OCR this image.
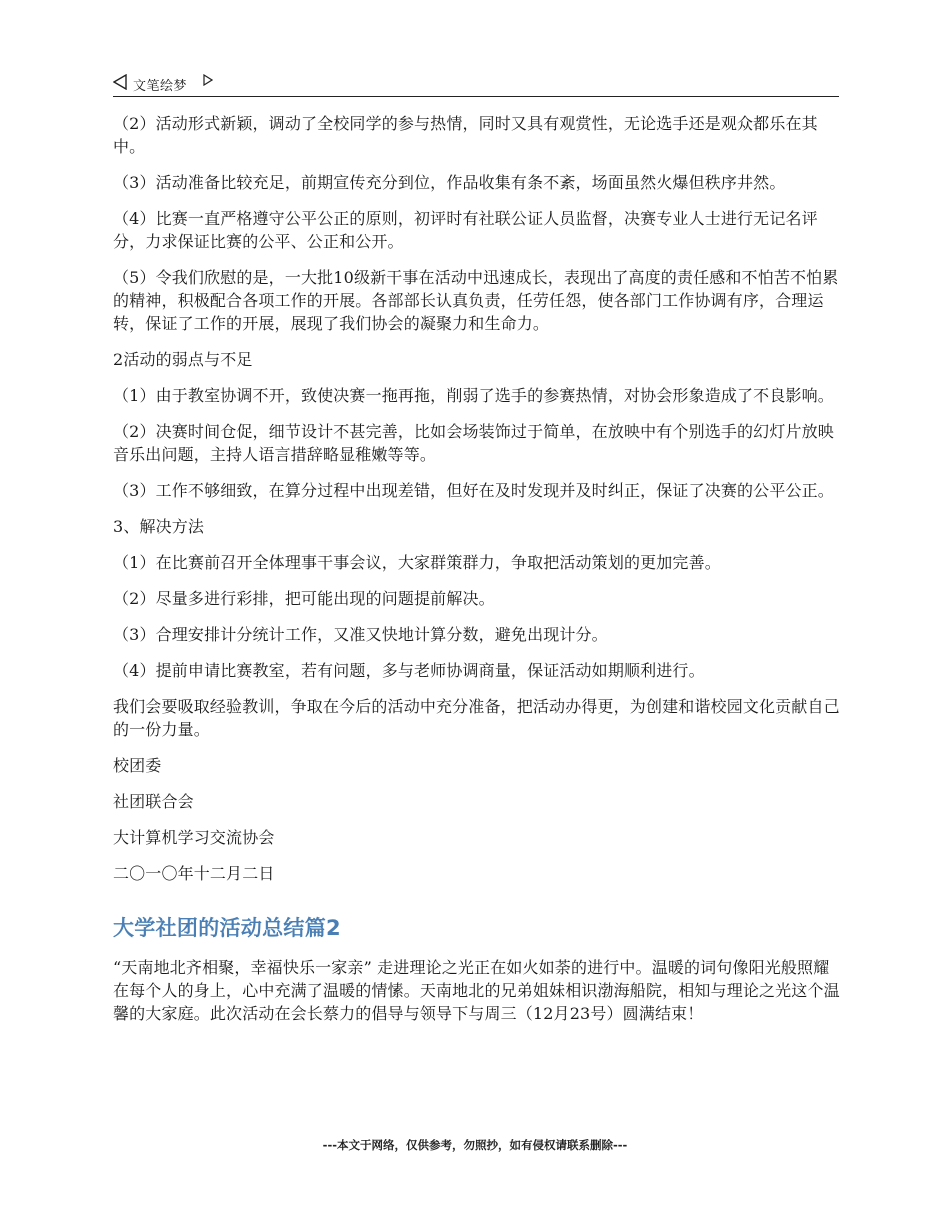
文笔绘梦

（2）活动形式新颖，调动了全校同学的参与热情，同时又具有观赏性，无论选手还是观众都乐在其中。

（3）活动准备比较充足，前期宣传充分到位，作品收集有条不紊，场面虽然火爆但秩序井然。

（4）比赛一直严格遵守公平公正的原则，初评时有社联公证人员监督，决赛专业人士进行无记名评分，力求保证比赛的公平、公正和公开。

（5）令我们欣慰的是，一大批10级新干事在活动中迅速成长，表现出了高度的责任感和不怕苦不怕累的精神，积极配合各项工作的开展。各部部长认真负责，任劳任怨，使各部门工作协调有序，合理运转，保证了工作的开展，展现了我们协会的凝聚力和生命力。

2活动的弱点与不足

（1）由于教室协调不开，致使决赛一拖再拖，削弱了选手的参赛热情，对协会形象造成了不良影响。

（2）决赛时间仓促，细节设计不甚完善，比如会场装饰过于简单，在放映中有个别选手的幻灯片放映音乐出问题，主持人语言措辞略显稚嫩等等。

（3）工作不够细致，在算分过程中出现差错，但好在及时发现并及时纠正，保证了决赛的公平公正。

3、解决方法

（1）在比赛前召开全体理事干事会议，大家群策群力，争取把活动策划的更加完善。

（2）尽量多进行彩排，把可能出现的问题提前解决。

（3）合理安排计分统计工作，又准又快地计算分数，避免出现计分。

（4）提前申请比赛教室，若有问题，多与老师协调商量，保证活动如期顺利进行。

我们会要吸取经验教训，争取在今后的活动中充分准备，把活动办得更，为创建和谐校园文化贡献自己的一份力量。

校团委

社团联合会

大计算机学习交流协会

二〇一〇年十二月二日

大学社团的活动总结篇2

“天南地北齐相聚，幸福快乐一家亲” 走进理论之光正在如火如荼的进行中。温暖的词句像阳光般照耀在每个人的身上，心中充满了温暖的情愫。天南地北的兄弟姐妹相识渤海船院，相知与理论之光这个温馨的大家庭。此次活动在会长蔡力的倡导与领导下与周三（12月23号）圆满结束！

---本文于网络，仅供参考，勿照抄，如有侵权请联系删除---
